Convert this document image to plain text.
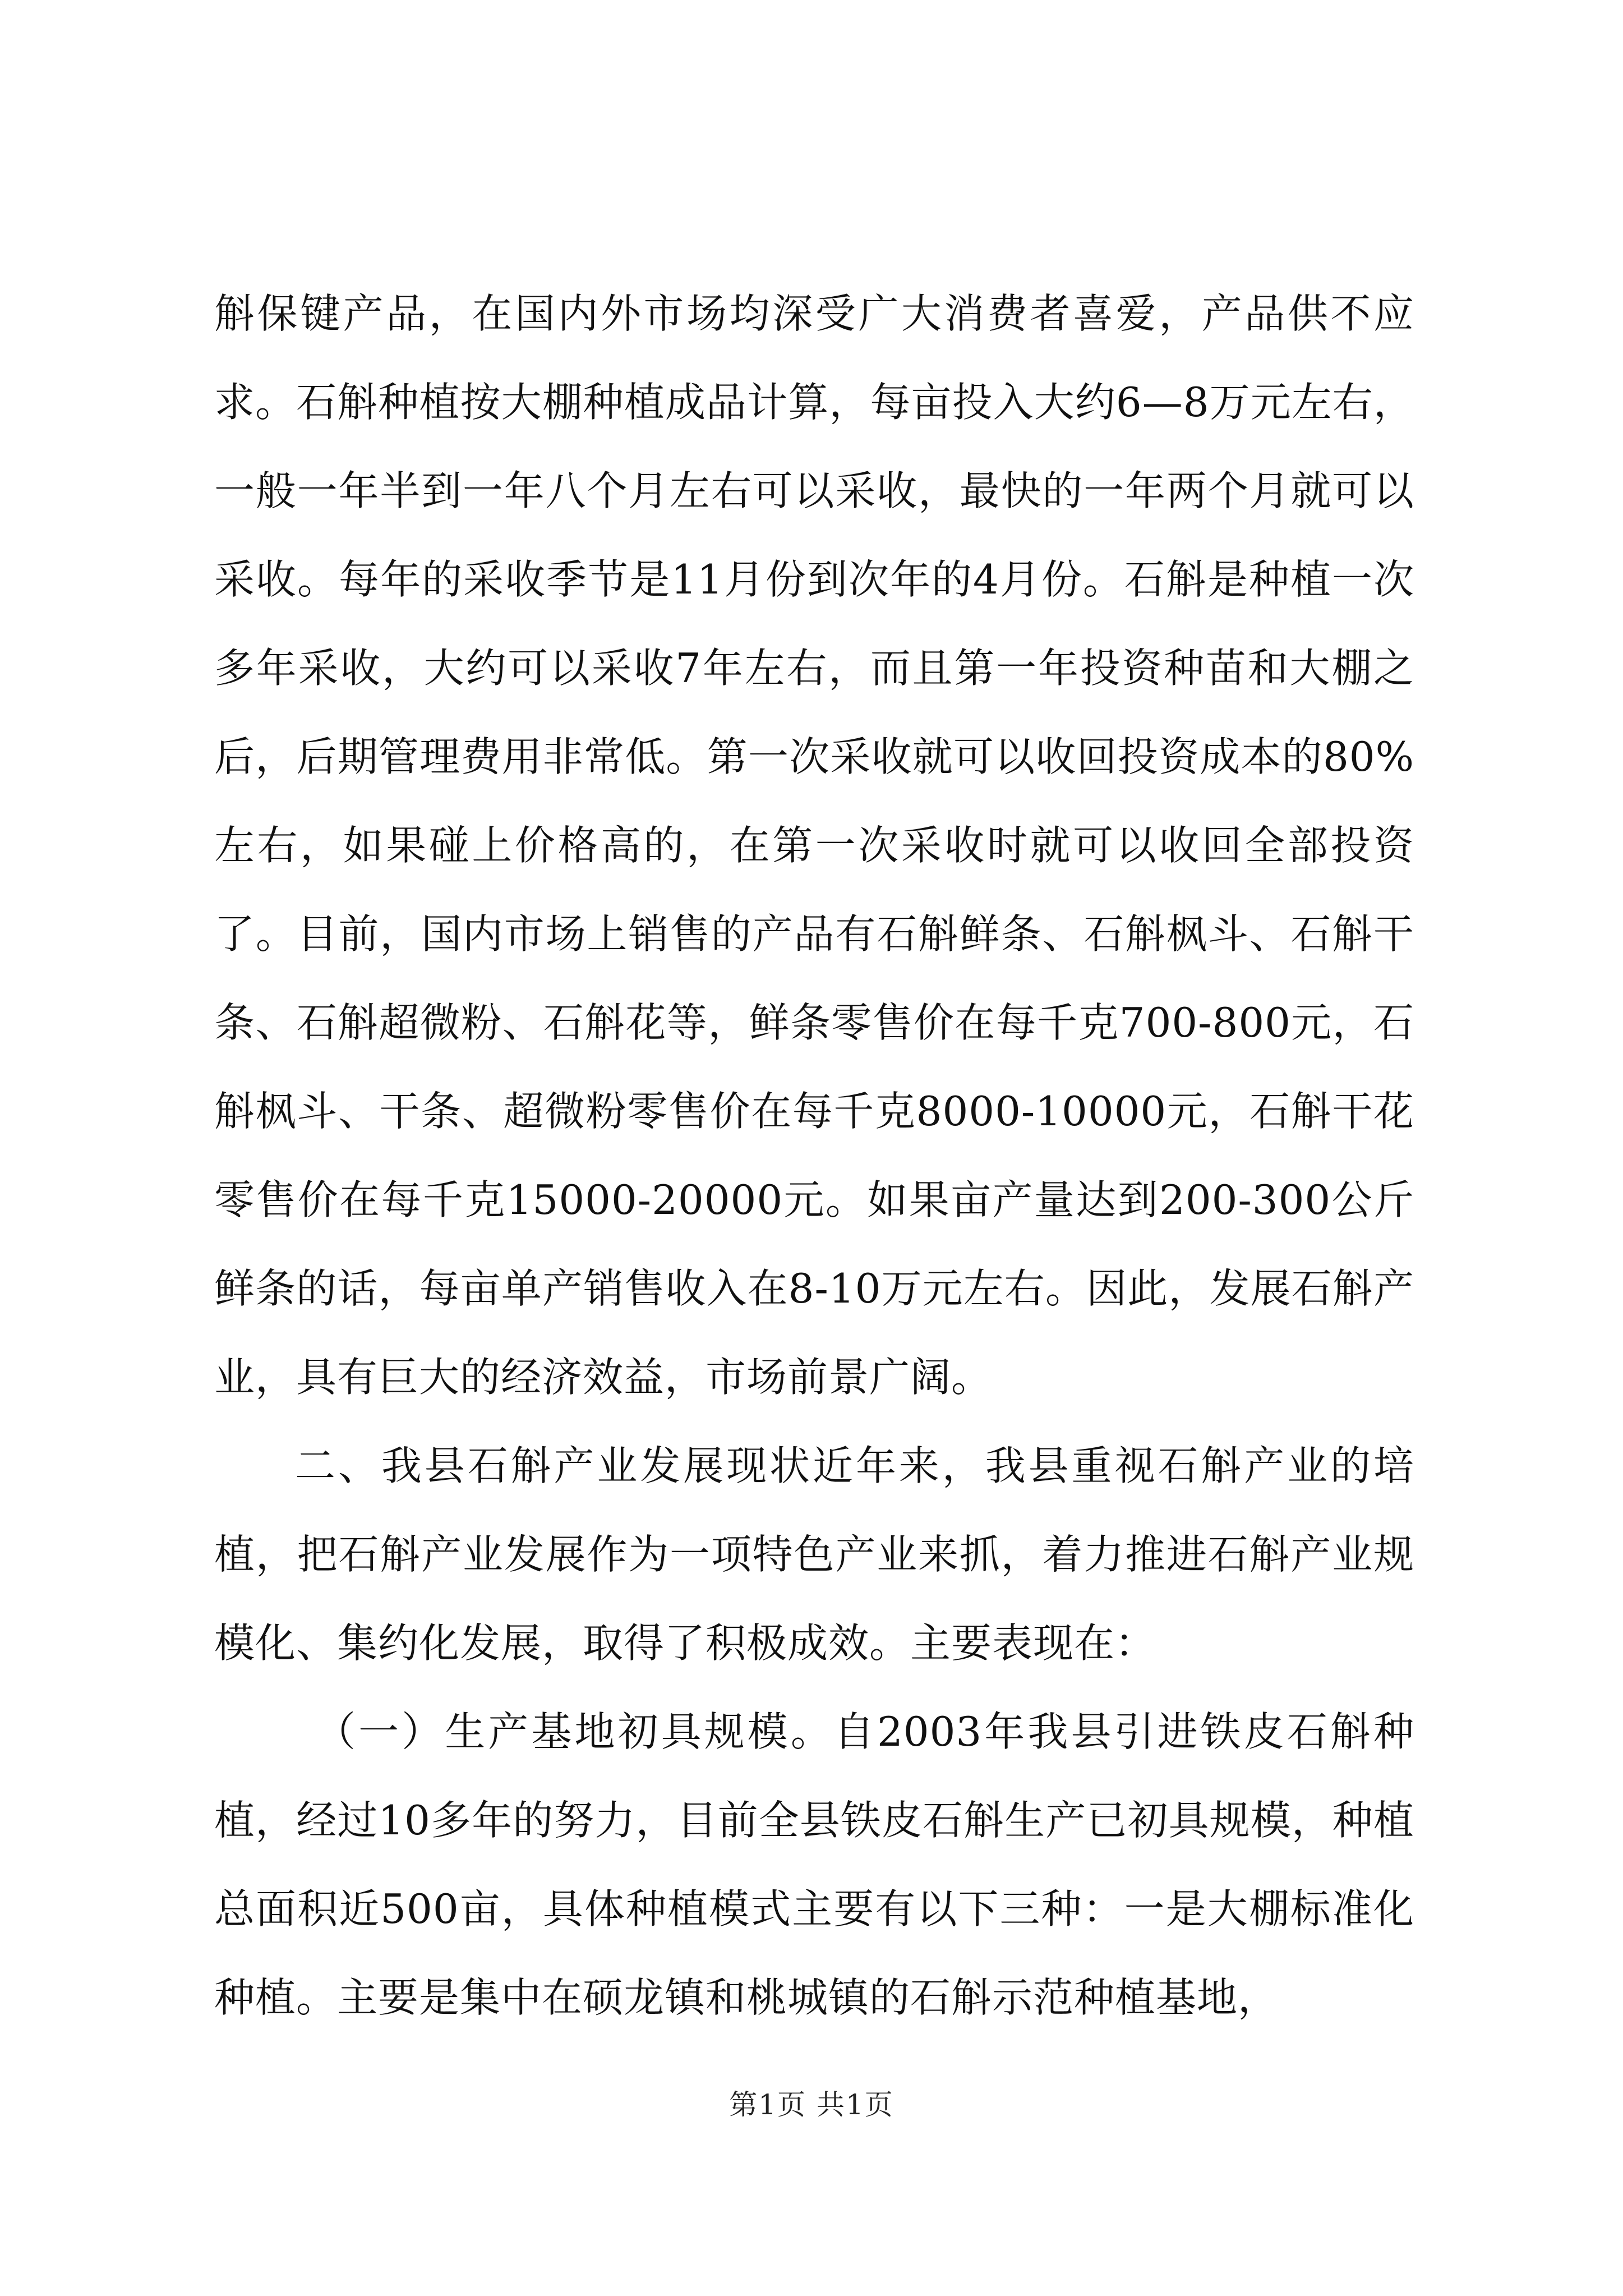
斛保键产品，在国内外市场均深受广大消费者喜爱，产品供不应求。石斛种植按大棚种植成品计算，每亩投入大约6—8万元左右，一般一年半到一年八个月左右可以采收，最快的一年两个月就可以采收。每年的采收季节是11月份到次年的4月份。石斛是种植一次多年采收，大约可以采收7年左右，而且第一年投资种苗和大棚之后，后期管理费用非常低。第一次采收就可以收回投资成本的80%左右，如果碰上价格高的，在第一次采收时就可以收回全部投资了。目前，国内市场上销售的产品有石斛鲜条、石斛枫斗、石斛干条、石斛超微粉、石斛花等，鲜条零售价在每千克700-800元，石斛枫斗、干条、超微粉零售价在每千克8000-10000元，石斛干花零售价在每千克15000-20000元。如果亩产量达到200-300公斤鲜条的话，每亩单产销售收入在8-10万元左右。因此，发展石斛产业，具有巨大的经济效益，市场前景广阔。

二、我县石斛产业发展现状近年来，我县重视石斛产业的培植，把石斛产业发展作为一项特色产业来抓，着力推进石斛产业规模化、集约化发展，取得了积极成效。主要表现在：

（一）生产基地初具规模。自2003年我县引进铁皮石斛种植，经过10多年的努力，目前全县铁皮石斛生产已初具规模，种植总面积近500亩，具体种植模式主要有以下三种：一是大棚标准化种植。主要是集中在硕龙镇和桃城镇的石斛示范种植基地，

第1页 共1页
